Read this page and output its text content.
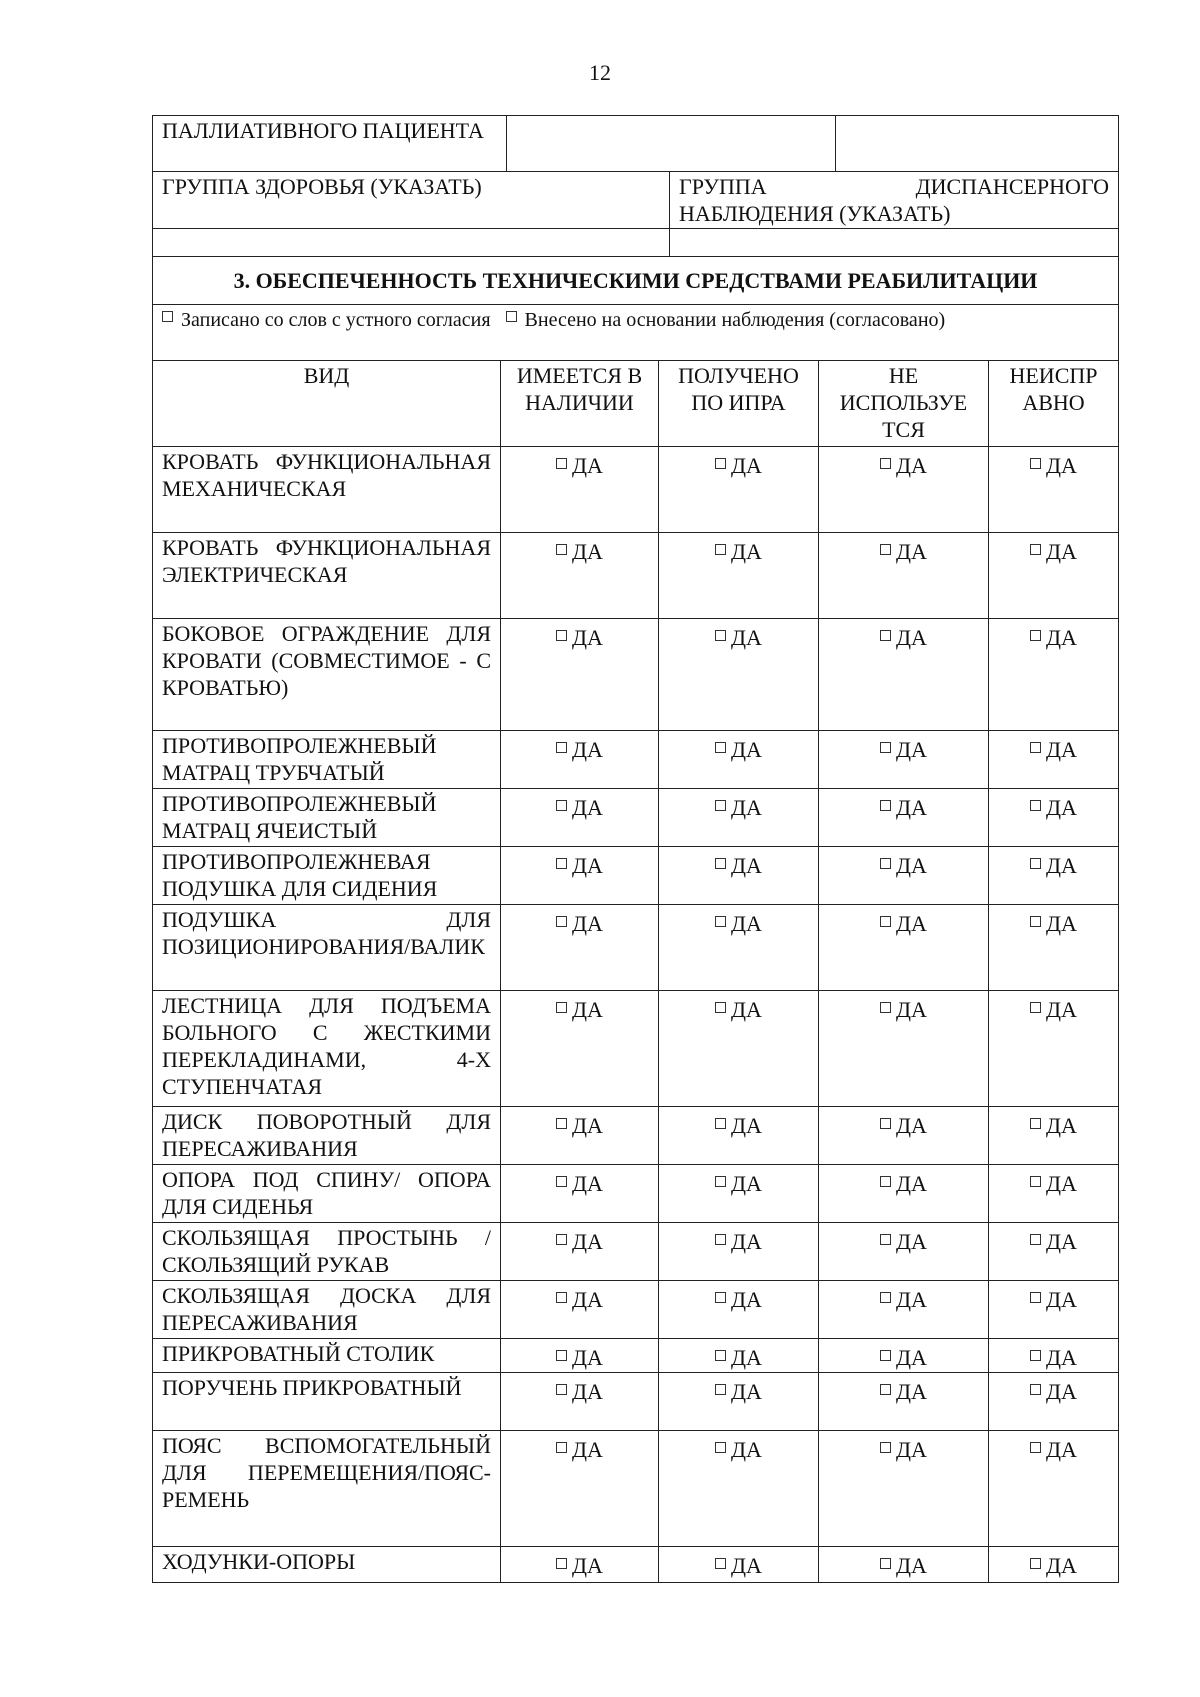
12
ПАЛЛИАТИВНОГО ПАЦИЕНТА			
ГРУППА ЗДОРОВЬЯ (УКАЗАТЬ)		ГРУППА ДИСПАНСЕРНОГО НАБЛЮДЕНИЯ (УКАЗАТЬ)	

3. ОБЕСПЕЧЕННОСТЬ ТЕХНИЧЕСКИМИ СРЕДСТВАМИ РЕАБИЛИТАЦИИ				
Записано со слов с устного согласия Внесено на основании наблюдения (согласовано)				
ВИД	ИМЕЕТСЯ В НАЛИЧИИ	ПОЛУЧЕНО ПО ИПРА	НЕ ИСПОЛЬЗУЕ ТСЯ	НЕИСПР АВНО
КРОВАТЬ ФУНКЦИОНАЛЬНАЯ МЕХАНИЧЕСКАЯ	ДА	ДА	ДА	ДА
КРОВАТЬ ФУНКЦИОНАЛЬНАЯ ЭЛЕКТРИЧЕСКАЯ	ДА	ДА	ДА	ДА
БОКОВОЕ ОГРАЖДЕНИЕ ДЛЯ КРОВАТИ (СОВМЕСТИМОЕ - С КРОВАТЬЮ)	ДА	ДА	ДА	ДА
ПРОТИВОПРОЛЕЖНЕВЫЙ МАТРАЦ ТРУБЧАТЫЙ	ДА	ДА	ДА	ДА
ПРОТИВОПРОЛЕЖНЕВЫЙ МАТРАЦ ЯЧЕИСТЫЙ	ДА	ДА	ДА	ДА
ПРОТИВОПРОЛЕЖНЕВАЯ ПОДУШКА ДЛЯ СИДЕНИЯ	ДА	ДА	ДА	ДА
ПОДУШКА ДЛЯ ПОЗИЦИОНИРОВАНИЯ/ВАЛИК	ДА	ДА	ДА	ДА
ЛЕСТНИЦА ДЛЯ ПОДЪЕМА БОЛЬНОГО С ЖЕСТКИМИ ПЕРЕКЛАДИНАМИ, 4-Х СТУПЕНЧАТАЯ	ДА	ДА	ДА	ДА
ДИСК ПОВОРОТНЫЙ ДЛЯ ПЕРЕСАЖИВАНИЯ	ДА	ДА	ДА	ДА
ОПОРА ПОД СПИНУ/ ОПОРА ДЛЯ СИДЕНЬЯ	ДА	ДА	ДА	ДА
СКОЛЬЗЯЩАЯ ПРОСТЫНЬ /СКОЛЬЗЯЩИЙ РУКАВ	ДА	ДА	ДА	ДА
СКОЛЬЗЯЩАЯ ДОСКА ДЛЯ ПЕРЕСАЖИВАНИЯ	ДА	ДА	ДА	ДА
ПРИКРОВАТНЫЙ СТОЛИК	ДА	ДА	ДА	ДА
ПОРУЧЕНЬ ПРИКРОВАТНЫЙ	ДА	ДА	ДА	ДА
ПОЯС ВСПОМОГАТЕЛЬНЫЙ ДЛЯ ПЕРЕМЕЩЕНИЯ/ПОЯС-РЕМЕНЬ	ДА	ДА	ДА	ДА
ХОДУНКИ-ОПОРЫ	ДА	ДА	ДА	ДА
